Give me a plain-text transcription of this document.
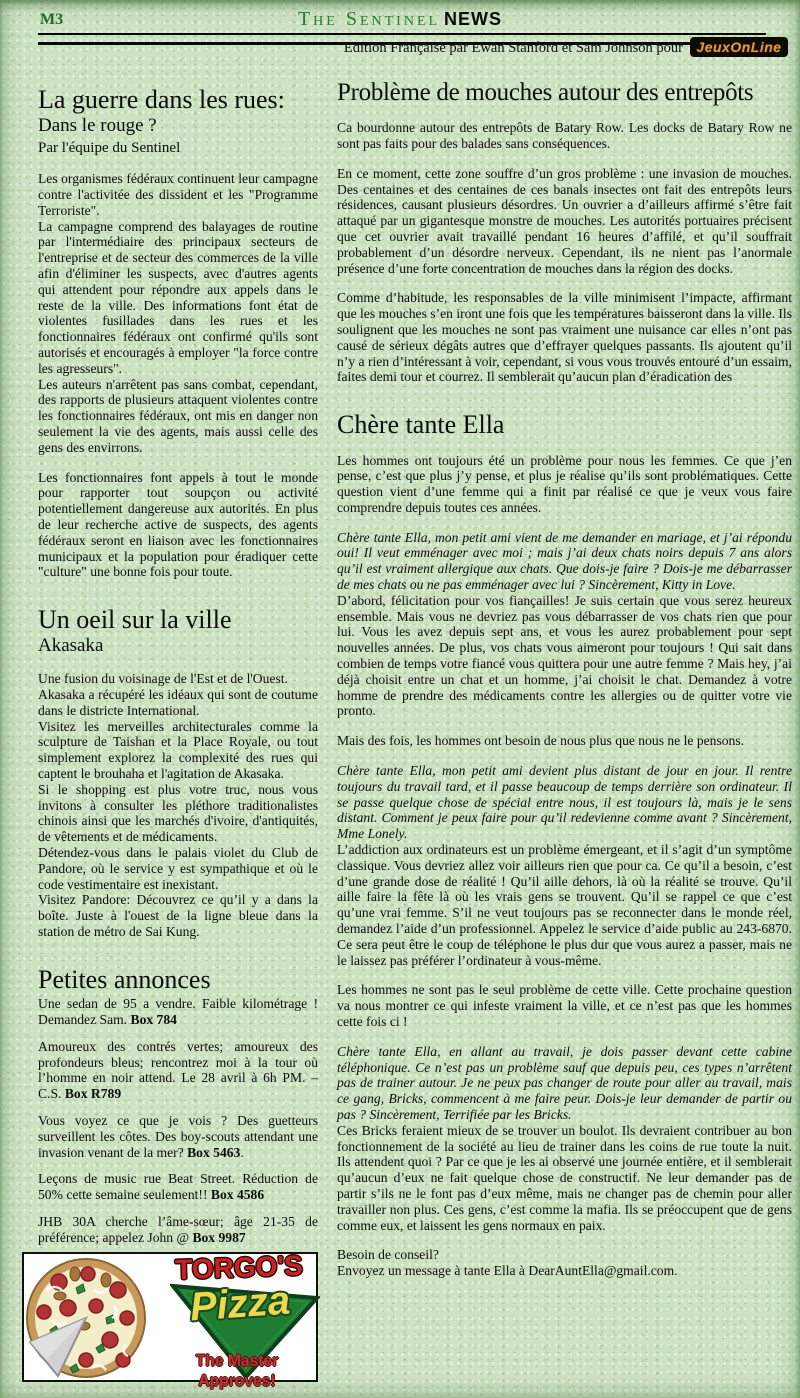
M3	The Sentinel NEWS
Edition Française par Ewan Stanford et Sam Johnson pour JeuxOnLine
La guerre dans les rues:
Dans le rouge ?
Par l'équipe du Sentinel

Les organismes fédéraux continuent leur campagne contre l'activitée des dissident et les "Programme Terroriste".

La campagne comprend des balayages de routine par l'intermédiaire des principaux secteurs de l'entreprise et de secteur des commerces de la ville afin d'éliminer les suspects, avec d'autres agents qui attendent pour répondre aux appels dans le reste de la ville. Des informations font état de violentes fusillades dans les rues et les fonctionnaires fédéraux ont confirmé qu'ils sont autorisés et encouragés à employer "la force contre les agresseurs".

Les auteurs n'arrêtent pas sans combat, cependant, des rapports de plusieurs attaquent violentes contre les fonctionnaires fédéraux, ont mis en danger non seulement la vie des agents, mais aussi celle des gens des envirrons.

Les fonctionnaires font appels à tout le monde pour rapporter tout soupçon ou activité potentiellement dangereuse aux autorités. En plus de leur recherche active de suspects, des agents fédéraux seront en liaison avec les fonctionnaires municipaux et la population pour éradiquer cette "culture" une bonne fois pour toute.

Un oeil sur la ville
Akasaka

Une fusion du voisinage de l'Est et de l'Ouest.

Akasaka a récupéré les idéaux qui sont de coutume dans le districte International.

Visitez les merveilles architecturales comme la sculpture de Taishan et la Place Royale, ou tout simplement explorez la complexité des rues qui captent le brouhaha et l'agitation de Akasaka.

Si le shopping est plus votre truc, nous vous invitons à consulter les pléthore traditionalistes chinois ainsi que les marchés d'ivoire, d'antiquités, de vêtements et de médicaments.

Détendez-vous dans le palais violet du Club de Pandore, où le service y est sympathique et où le code vestimentaire est inexistant.

Visitez Pandore: Découvrez ce qu’il y a dans la boîte. Juste à l'ouest de la ligne bleue dans la station de métro de Sai Kung.

Petites annonces

Une sedan de 95 a vendre. Faible kilométrage ! Demandez Sam. Box 784

Amoureux des contrés vertes; amoureux des profondeurs bleus; rencontrez moi à la tour où l’homme en noir attend. Le 28 avril à 6h PM. –C.S. Box R789

Vous voyez ce que je vois ? Des guetteurs surveillent les côtes. Des boy-scouts attendant une invasion venant de la mer? Box 5463.

Leçons de music rue Beat Street. Réduction de 50% cette semaine seulement!! Box 4586

JHB 30A cherche l’âme-sœur; âge 21-35 de préférence; appelez John @ Box 9987

Problème de mouches autour des entrepôts

Ca bourdonne autour des entrepôts de Batary Row. Les docks de Batary Row ne sont pas faits pour des balades sans conséquences.

En ce moment, cette zone souffre d’un gros problème : une invasion de mouches. Des centaines et des centaines de ces banals insectes ont fait des entrepôts leurs résidences, causant plusieurs désordres. Un ouvrier a d’ailleurs affirmé s’être fait attaqué par un gigantesque monstre de mouches. Les autorités portuaires précisent que cet ouvrier avait travaillé pendant 16 heures d’affilé, et qu’il souffrait probablement d’un désordre nerveux. Cependant, ils ne nient pas l’anormale présence d’une forte concentration de mouches dans la région des docks.

Comme d’habitude, les responsables de la ville minimisent l’impacte, affirmant que les mouches s’en iront une fois que les températures baisseront dans la ville. Ils soulignent que les mouches ne sont pas vraiment une nuisance car elles n’ont pas causé de sérieux dégâts autres que d’effrayer quelques passants. Ils ajoutent qu’il n’y a rien d’intéressant à voir, cependant, si vous vous trouvés entouré d’un essaim, faites demi tour et courrez. Il semblerait qu’aucun plan d’éradication des

Chère tante Ella

Les hommes ont toujours été un problème pour nous les femmes. Ce que j’en pense, c’est que plus j’y pense, et plus je réalise qu’ils sont problématiques. Cette question vient d’une femme qui a finit par réalisé ce que je veux vous faire comprendre depuis toutes ces années.

Chère tante Ella, mon petit ami vient de me demander en mariage, et j’ai répondu oui! Il veut emménager avec moi ; mais j’ai deux chats noirs depuis 7 ans alors qu’il est vraiment allergique aux chats. Que dois-je faire ? Dois-je me débarrasser de mes chats ou ne pas emménager avec lui ? Sincèrement, Kitty in Love.

D’abord, félicitation pour vos fiançailles! Je suis certain que vous serez heureux ensemble. Mais vous ne devriez pas vous débarrasser de vos chats rien que pour lui. Vous les avez depuis sept ans, et vous les aurez probablement pour sept nouvelles années. De plus, vos chats vous aimeront pour toujours ! Qui sait dans combien de temps votre fiancé vous quittera pour une autre femme ? Mais hey, j’ai déjà choisit entre un chat et un homme, j’ai choisit le chat. Demandez à votre homme de prendre des médicaments contre les allergies ou de quitter votre vie pronto.

Mais des fois, les hommes ont besoin de nous plus que nous ne le pensons.

Chère tante Ella, mon petit ami devient plus distant de jour en jour. Il rentre toujours du travail tard, et il passe beaucoup de temps derrière son ordinateur. Il se passe quelque chose de spécial entre nous, il est toujours là, mais je le sens distant. Comment je peux faire pour qu’il redevienne comme avant ? Sincèrement, Mme Lonely.

L’addiction aux ordinateurs est un problème émergeant, et il s’agit d’un symptôme classique. Vous devriez allez voir ailleurs rien que pour ca. Ce qu’il a besoin, c’est d’une grande dose de réalité ! Qu’il aille dehors, là où la réalité se trouve. Qu’il aille faire la fête là où les vrais gens se trouvent. Qu’il se rappel ce que c’est qu’une vrai femme. S’il ne veut toujours pas se reconnecter dans le monde réel, demandez l’aide d’un professionnel. Appelez le service d’aide public au 243-6870. Ce sera peut être le coup de téléphone le plus dur que vous aurez a passer, mais ne le laissez pas préférer l’ordinateur à vous-même.

Les hommes ne sont pas le seul problème de cette ville. Cette prochaine question va nous montrer ce qui infeste vraiment la ville, et ce n’est pas que les hommes cette fois ci !

Chère tante Ella, en allant au travail, je dois passer devant cette cabine téléphonique. Ce n’est pas un problème sauf que depuis peu, ces types n’arrêtent pas de trainer autour. Je ne peux pas changer de route pour aller au travail, mais ce gang, Bricks, commencent à me faire peur. Dois-je leur demander de partir ou pas ? Sincèrement, Terrifiée par les Bricks.

Ces Bricks feraient mieux de se trouver un boulot. Ils devraient contribuer au bon fonctionnement de la société au lieu de trainer dans les coins de rue toute la nuit. Ils attendent quoi ? Par ce que je les ai observé une journée entière, et il semblerait qu’aucun d’eux ne fait quelque chose de constructif. Ne leur demander pas de partir s’ils ne le font pas d’eux même, mais ne changer pas de chemin pour aller travailler non plus. Ces gens, c’est comme la mafia. Ils se préoccupent que de gens comme eux, et laissent les gens normaux en paix.

Besoin de conseil?

Envoyez un message à tante Ella à DearAuntElla@gmail.com.

TORGO'S
Pizza
The Master Approves!
